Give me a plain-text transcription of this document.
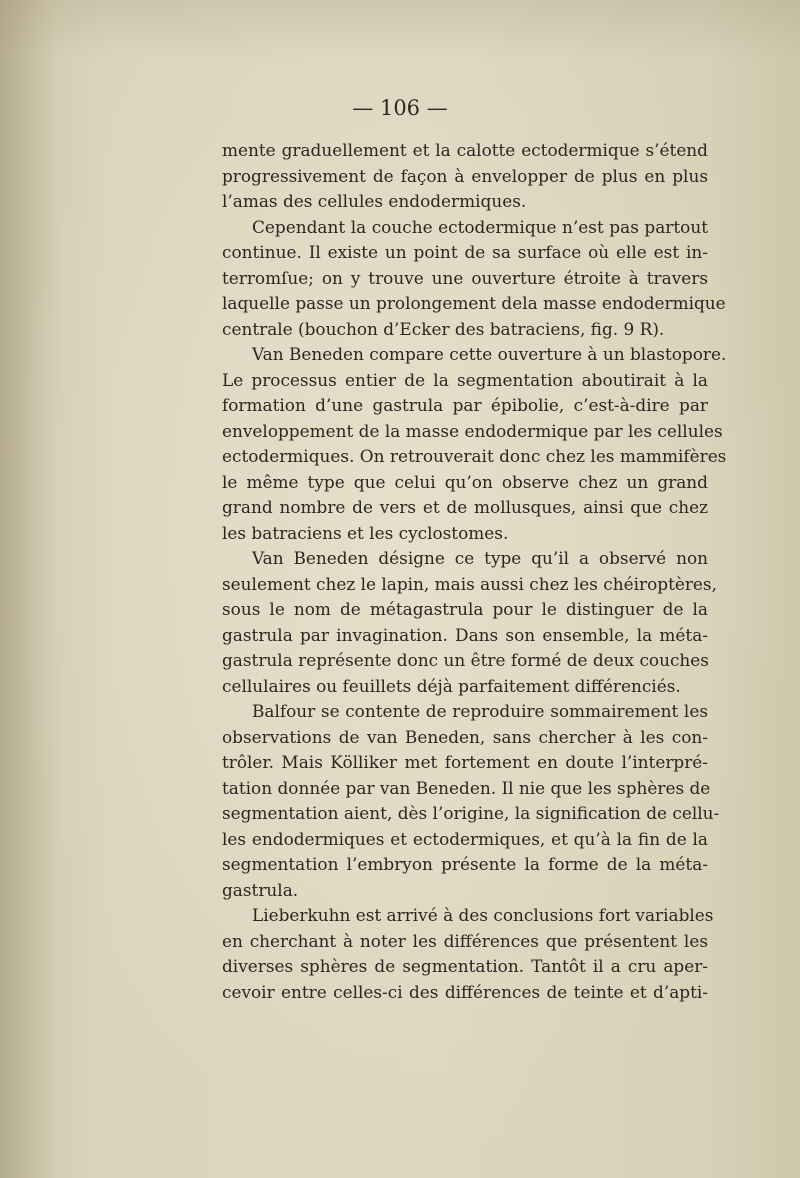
— 106 —
mente graduellement et la calotte ectodermique s’étend
progressivement de façon à envelopper de plus en plus
l’amas des cellules endodermiques.
Cependant la couche ectodermique n’est pas partout
continue. Il existe un point de sa surface où elle est in-
terromſue; on y trouve une ouverture étroite à travers
laquelle passe un prolongement dela masse endodermique
centrale (bouchon d’Ecker des batraciens, fig. 9 R).
Van Beneden compare cette ouverture à un blastopore.
Le processus entier de la segmentation aboutirait à la
formation d’une gastrula par épibolie, c’est-à-dire par
enveloppement de la masse endodermique par les cellules
ectodermiques. On retrouverait donc chez les mammifères
le même type que celui qu’on observe chez un grand
grand nombre de vers et de mollusques, ainsi que chez
les batraciens et les cyclostomes.
Van Beneden désigne ce type qu’il a observé non
seulement chez le lapin, mais aussi chez les chéiroptères,
sous le nom de métagastrula pour le distinguer de la
gastrula par invagination. Dans son ensemble, la méta-
gastrula représente donc un être formé de deux couches
cellulaires ou feuillets déjà parfaitement différenciés.
Balfour se contente de reproduire sommairement les
observations de van Beneden, sans chercher à les con-
trôler. Mais Kölliker met fortement en doute l’interpré-
tation donnée par van Beneden. Il nie que les sphères de
segmentation aient, dès l’origine, la signification de cellu-
les endodermiques et ectodermiques, et qu’à la fin de la
segmentation l’embryon présente la forme de la méta-
gastrula.
Lieberkuhn est arrivé à des conclusions fort variables
en cherchant à noter les différences que présentent les
diverses sphères de segmentation. Tantôt il a cru aper-
cevoir entre celles-ci des différences de teinte et d’apti-
